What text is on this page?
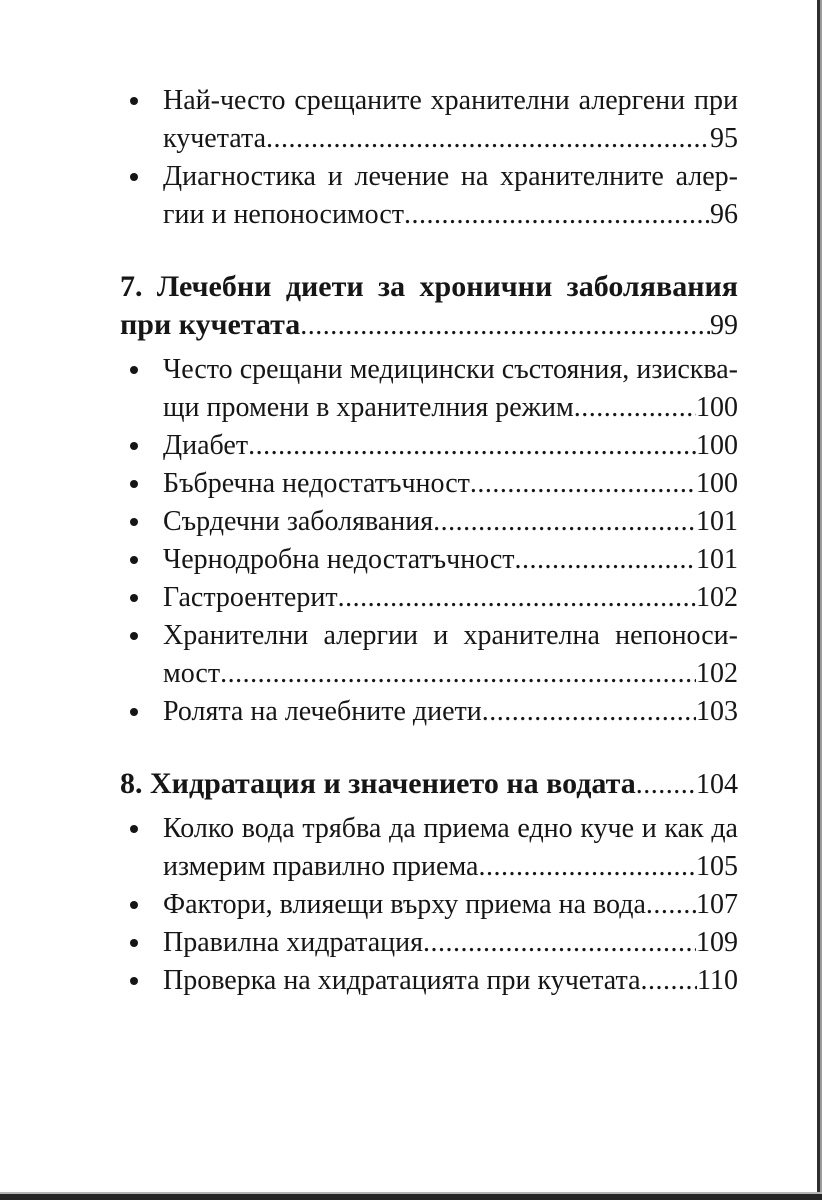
Най-често срещаните хранителни алергени при
кучетата .....	95
Диагностика и лечение на хранителните алер-
гии и непоносимост .....	96
7. Лечебни диети за хронични заболявания
при кучетата .....	99
Често срещани медицински състояния, изисква-
щи промени в хранителния режим .....	100
Диабет .....	100
Бъбречна недостатъчност .....	100
Сърдечни заболявания .....	101
Чернодробна недостатъчност .....	101
Гастроентерит .....	102
Хранителни алергии и хранителна непоноси-
мост .....	102
Ролята на лечебните диети .....	103
8. Хидратация и значението на водата ..... 104
Колко вода трябва да приема едно куче и как да
измерим правилно приема .....	105
Фактори, влияещи върху приема на вода ..... 107
Правилна хидратация .....	109
Проверка на хидратацията при кучетата ..... 110
